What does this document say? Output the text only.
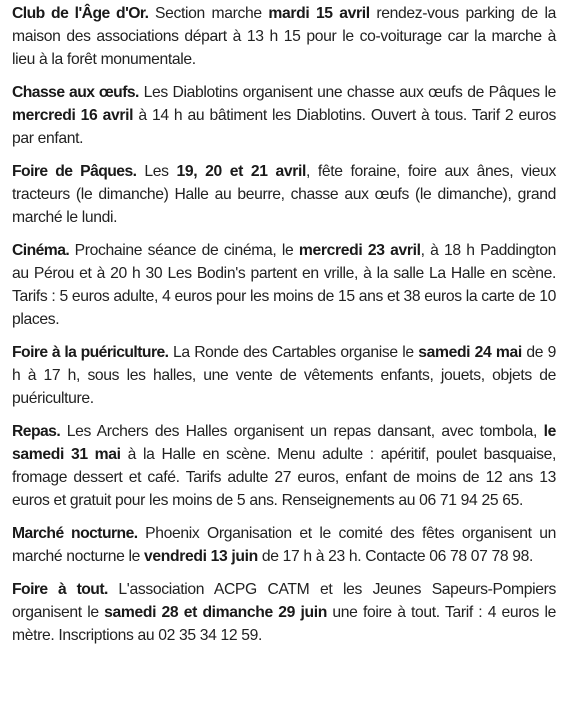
Club de l'Âge d'Or. Section marche mardi 15 avril rendez-vous parking de la maison des associations départ à 13 h 15 pour le co-voiturage car la marche à lieu à la forêt monumentale.

Chasse aux œufs. Les Diablotins organisent une chasse aux œufs de Pâques le mercredi 16 avril à 14 h au bâtiment les Diablotins. Ouvert à tous. Tarif 2 euros par enfant.

Foire de Pâques. Les 19, 20 et 21 avril, fête foraine, foire aux ânes, vieux tracteurs (le dimanche) Halle au beurre, chasse aux œufs (le dimanche), grand marché le lundi.

Cinéma. Prochaine séance de cinéma, le mercredi 23 avril, à 18 h Paddington au Pérou et à 20 h 30 Les Bodin's partent en vrille, à la salle La Halle en scène. Tarifs : 5 euros adulte, 4 euros pour les moins de 15 ans et 38 euros la carte de 10 places.

Foire à la puériculture. La Ronde des Cartables organise le samedi 24 mai de 9 h à 17 h, sous les halles, une vente de vêtements enfants, jouets, objets de puériculture.

Repas. Les Archers des Halles organisent un repas dansant, avec tombola, le samedi 31 mai à la Halle en scène. Menu adulte : apéritif, poulet basquaise, fromage dessert et café. Tarifs adulte 27 euros, enfant de moins de 12 ans 13 euros et gratuit pour les moins de 5 ans. Renseignements au 06 71 94 25 65.

Marché nocturne. Phoenix Organisation et le comité des fêtes organisent un marché nocturne le vendredi 13 juin de 17 h à 23 h. Contacte 06 78 07 78 98.

Foire à tout. L'association ACPG CATM et les Jeunes Sapeurs-Pompiers organisent le samedi 28 et dimanche 29 juin une foire à tout. Tarif : 4 euros le mètre. Inscriptions au 02 35 34 12 59.
